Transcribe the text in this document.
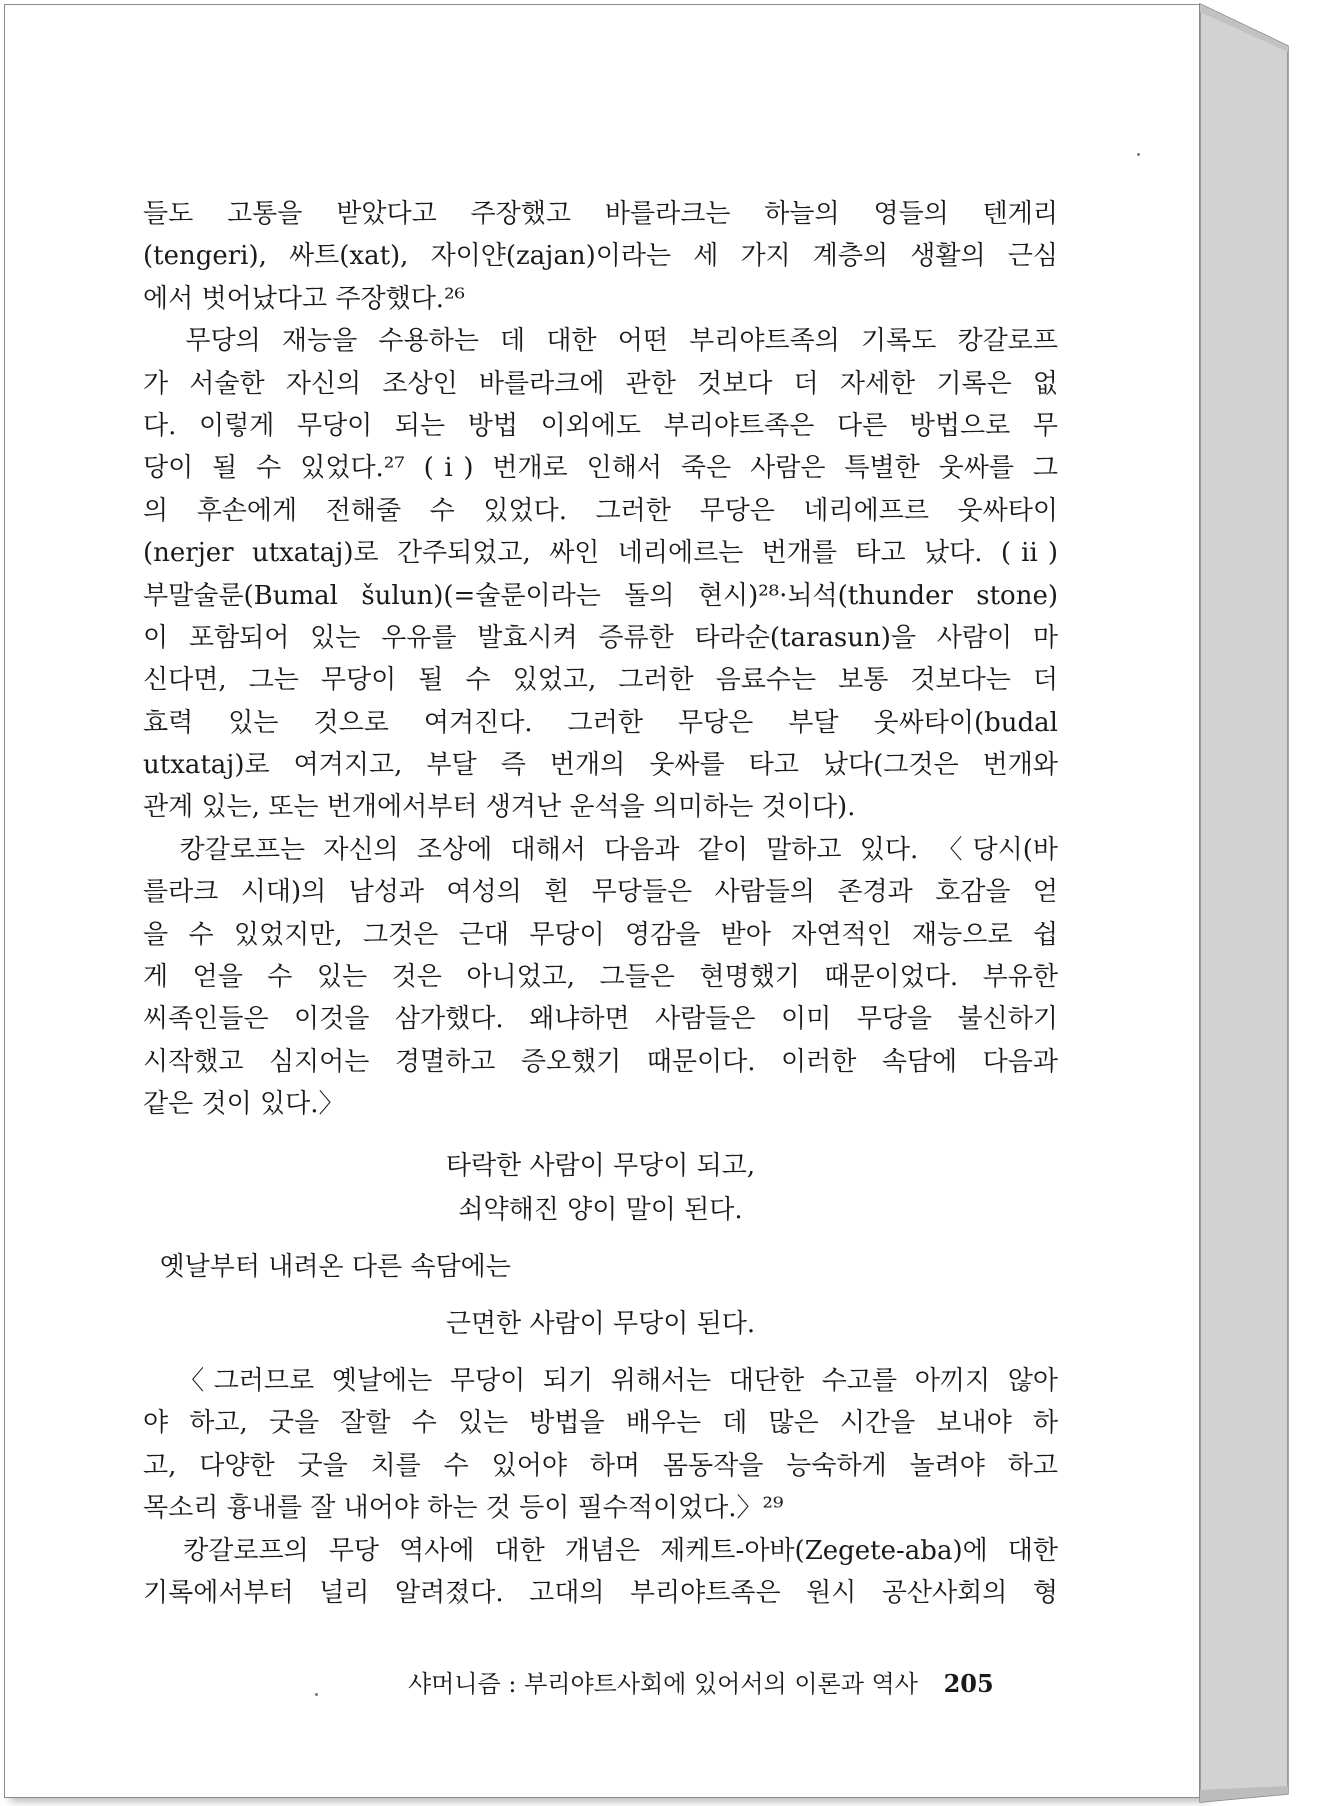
들도 고통을 받았다고 주장했고 바를라크는 하늘의 영들의 텐게리
(tengeri), 싸트(xat), 자이얀(zajan)이라는 세 가지 계층의 생활의 근심
에서 벗어났다고 주장했다.²⁶
무당의 재능을 수용하는 데 대한 어떤 부리야트족의 기록도 캉갈로프
가 서술한 자신의 조상인 바를라크에 관한 것보다 더 자세한 기록은 없
다. 이렇게 무당이 되는 방법 이외에도 부리야트족은 다른 방법으로 무
당이 될 수 있었다.²⁷ (ⅰ) 번개로 인해서 죽은 사람은 특별한 웃싸를 그
의 후손에게 전해줄 수 있었다. 그러한 무당은 네리에프르 웃싸타이
(nerjer utxataj)로 간주되었고, 싸인 네리에르는 번개를 타고 났다. (ⅱ)
부말술룬(Bumal šulun)(=술룬이라는 돌의 현시)²⁸·뇌석(thunder stone)
이 포함되어 있는 우유를 발효시켜 증류한 타라순(tarasun)을 사람이 마
신다면, 그는 무당이 될 수 있었고, 그러한 음료수는 보통 것보다는 더
효력 있는 것으로 여겨진다. 그러한 무당은 부달 웃싸타이(budal
utxataj)로 여겨지고, 부달 즉 번개의 웃싸를 타고 났다(그것은 번개와
관계 있는, 또는 번개에서부터 생겨난 운석을 의미하는 것이다).
캉갈로프는 자신의 조상에 대해서 다음과 같이 말하고 있다. 〈당시(바
를라크 시대)의 남성과 여성의 흰 무당들은 사람들의 존경과 호감을 얻
을 수 있었지만, 그것은 근대 무당이 영감을 받아 자연적인 재능으로 쉽
게 얻을 수 있는 것은 아니었고, 그들은 현명했기 때문이었다. 부유한
씨족인들은 이것을 삼가했다. 왜냐하면 사람들은 이미 무당을 불신하기
시작했고 심지어는 경멸하고 증오했기 때문이다. 이러한 속담에 다음과
같은 것이 있다.〉
타락한 사람이 무당이 되고,
쇠약해진 양이 말이 된다.
옛날부터 내려온 다른 속담에는
근면한 사람이 무당이 된다.
〈그러므로 옛날에는 무당이 되기 위해서는 대단한 수고를 아끼지 않아
야 하고, 굿을 잘할 수 있는 방법을 배우는 데 많은 시간을 보내야 하
고, 다양한 굿을 치를 수 있어야 하며 몸동작을 능숙하게 놀려야 하고
목소리 흉내를 잘 내어야 하는 것 등이 필수적이었다.〉²⁹
캉갈로프의 무당 역사에 대한 개념은 제케트-아바(Zegete-aba)에 대한
기록에서부터 널리 알려졌다. 고대의 부리야트족은 원시 공산사회의 형
샤머니즘 : 부리야트사회에 있어서의 이론과 역사 205
